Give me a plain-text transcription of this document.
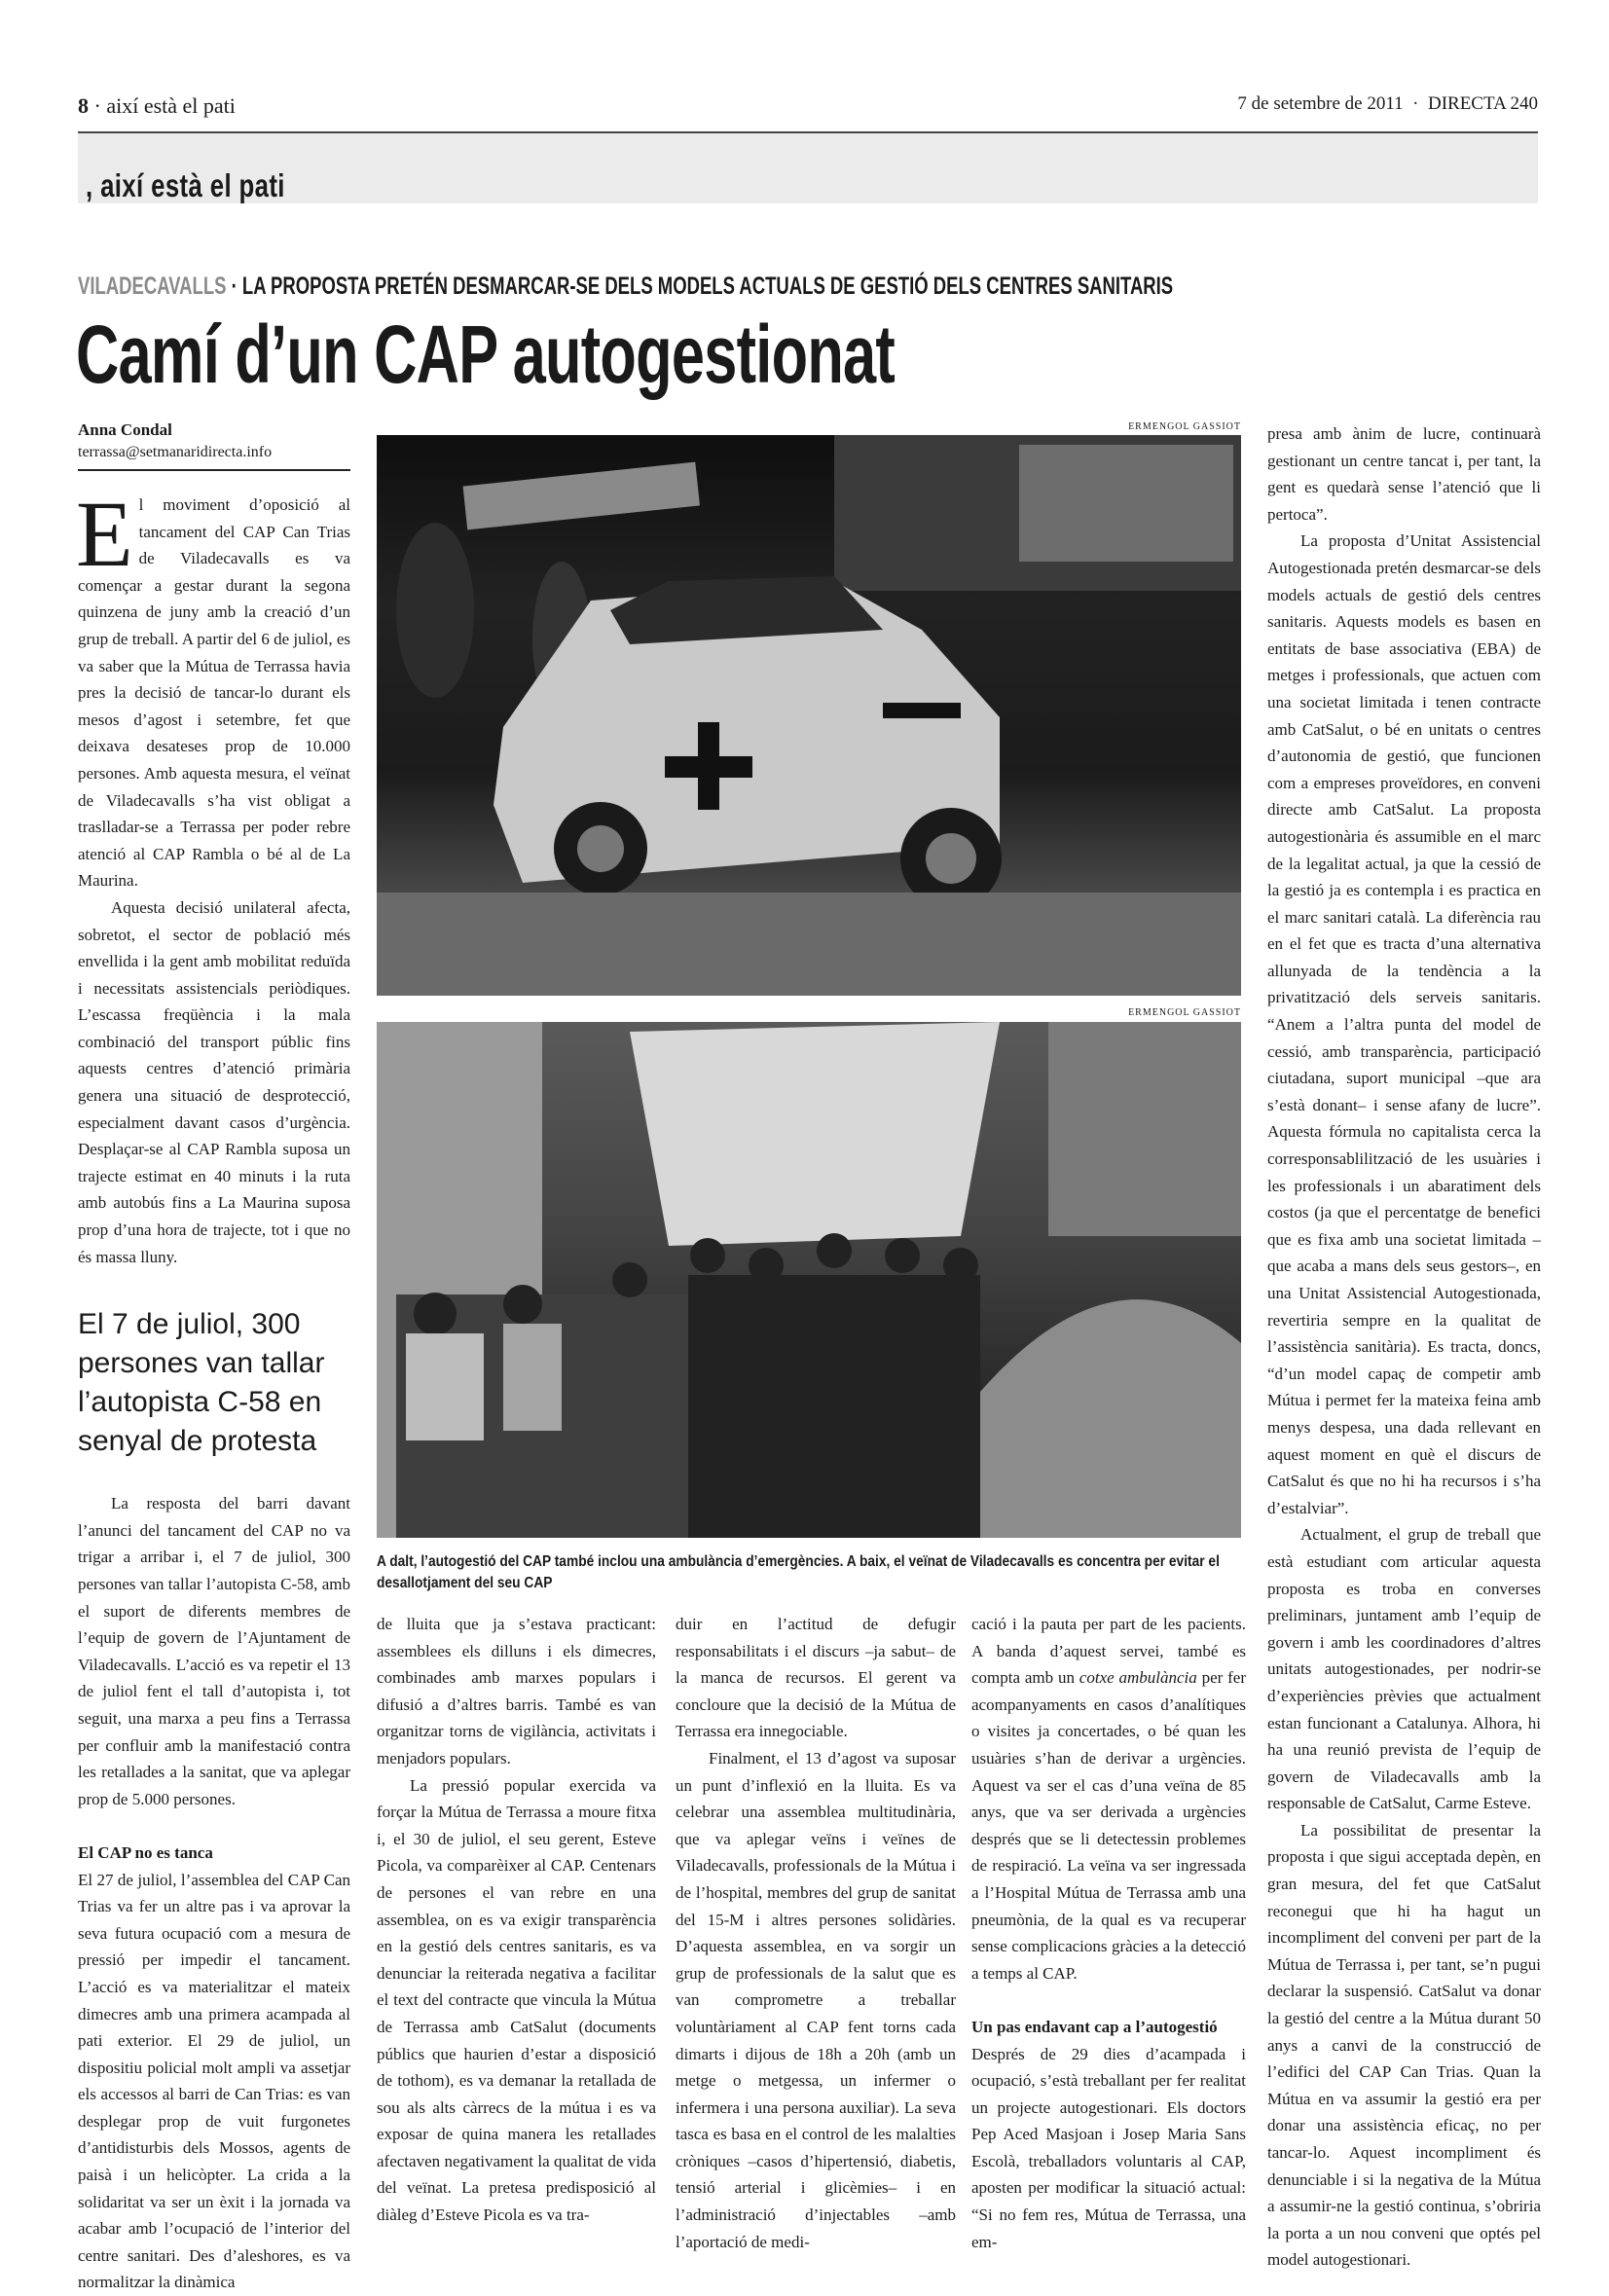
8 · així està el pati	7 de setembre de 2011  ·  DIRECTA 240
, així està el pati
VILADECAVALLS · LA PROPOSTA PRETÉN DESMARCAR-SE DELS MODELS ACTUALS DE GESTIÓ DELS CENTRES SANITARIS
Camí d’un CAP autogestionat
Anna Condal
terrassa@setmanaridirecta.info

El moviment d’oposició al tancament del CAP Can Trias de Viladecavalls es va començar a gestar durant la segona quinzena de juny amb la creació d’un grup de treball. A partir del 6 de juliol, es va saber que la Mútua de Terrassa havia pres la decisió de tancar-lo durant els mesos d’agost i setembre, fet que deixava desateses prop de 10.000 persones. Amb aquesta mesura, el veïnat de Viladecavalls s’ha vist obligat a traslladar-se a Terrassa per poder rebre atenció al CAP Rambla o bé al de La Maurina.

Aquesta decisió unilateral afecta, sobretot, el sector de població més envellida i la gent amb mobilitat reduïda i necessitats assistencials periòdiques. L’escassa freqüència i la mala combinació del transport públic fins aquests centres d’atenció primària genera una situació de desprotecció, especialment davant casos d’urgència. Desplaçar-se al CAP Rambla suposa un trajecte estimat en 40 minuts i la ruta amb autobús fins a La Maurina suposa prop d’una hora de trajecte, tot i que no és massa lluny.

El 7 de juliol, 300 persones van tallar l’autopista C-58 en senyal de protesta

La resposta del barri davant l’anunci del tancament del CAP no va trigar a arribar i, el 7 de juliol, 300 persones van tallar l’autopista C-58, amb el suport de diferents membres de l’equip de govern de l’Ajuntament de Viladecavalls. L’acció es va repetir el 13 de juliol fent el tall d’autopista i, tot seguit, una marxa a peu fins a Terrassa per confluir amb la manifestació contra les retallades a la sanitat, que va aplegar prop de 5.000 persones.

El CAP no es tanca

El 27 de juliol, l’assemblea del CAP Can Trias va fer un altre pas i va aprovar la seva futura ocupació com a mesura de pressió per impedir el tancament. L’acció es va materialitzar el mateix dimecres amb una primera acampada al pati exterior. El 29 de juliol, un dispositiu policial molt ampli va assetjar els accessos al barri de Can Trias: es van desplegar prop de vuit furgonetes d’antidisturbis dels Mossos, agents de paisà i un helicòpter. La crida a la solidaritat va ser un èxit i la jornada va acabar amb l’ocupació de l’interior del centre sanitari. Des d’aleshores, es va normalitzar la dinàmica

ERMENGOL GASSIOT
ERMENGOL GASSIOT
A dalt, l’autogestió del CAP també inclou una ambulància d’emergències. A baix, el veïnat de Viladecavalls es concentra per evitar el desallotjament del seu CAP

de lluita que ja s’estava practicant: assemblees els dilluns i els dimecres, combinades amb marxes populars i difusió a d’altres barris. També es van organitzar torns de vigilància, activitats i menjadors populars.

La pressió popular exercida va forçar la Mútua de Terrassa a moure fitxa i, el 30 de juliol, el seu gerent, Esteve Picola, va comparèixer al CAP. Centenars de persones el van rebre en una assemblea, on es va exigir transparència en la gestió dels centres sanitaris, es va denunciar la reiterada negativa a facilitar el text del contracte que vincula la Mútua de Terrassa amb CatSalut (documents públics que haurien d’estar a disposició de tothom), es va demanar la retallada de sou als alts càrrecs de la mútua i es va exposar de quina manera les retallades afectaven negativament la qualitat de vida del veïnat. La pretesa predisposició al diàleg d’Esteve Picola es va tra-

duir en l’actitud de defugir responsabilitats i el discurs –ja sabut– de la manca de recursos. El gerent va concloure que la decisió de la Mútua de Terrassa era innegociable.

Finalment, el 13 d’agost va suposar un punt d’inflexió en la lluita. Es va celebrar una assemblea multitudinària, que va aplegar veïns i veïnes de Viladecavalls, professionals de la Mútua i de l’hospital, membres del grup de sanitat del 15-M i altres persones solidàries. D’aquesta assemblea, en va sorgir un grup de professionals de la salut que es van comprometre a treballar voluntàriament al CAP fent torns cada dimarts i dijous de 18h a 20h (amb un metge o metgessa, un infermer o infermera i una persona auxiliar). La seva tasca es basa en el control de les malalties cròniques –casos d’hipertensió, diabetis, tensió arterial i glicèmies– i en l’administració d’injectables –amb l’aportació de medi-

cació i la pauta per part de les pacients. A banda d’aquest servei, també es compta amb un cotxe ambulància per fer acompanyaments en casos d’analítiques o visites ja concertades, o bé quan les usuàries s’han de derivar a urgències. Aquest va ser el cas d’una veïna de 85 anys, que va ser derivada a urgències després que se li detectessin problemes de respiració. La veïna va ser ingressada a l’Hospital Mútua de Terrassa amb una pneumònia, de la qual es va recuperar sense complicacions gràcies a la detecció a temps al CAP.

Un pas endavant cap a l’autogestió

Després de 29 dies d’acampada i ocupació, s’està treballant per fer realitat un projecte autogestionari. Els doctors Pep Aced Masjoan i Josep Maria Sans Escolà, treballadors voluntaris al CAP, aposten per modificar la situació actual: “Si no fem res, Mútua de Terrassa, una em-

presa amb ànim de lucre, continuarà gestionant un centre tancat i, per tant, la gent es quedarà sense l’atenció que li pertoca”.

La proposta d’Unitat Assistencial Autogestionada pretén desmarcar-se dels models actuals de gestió dels centres sanitaris. Aquests models es basen en entitats de base associativa (EBA) de metges i professionals, que actuen com una societat limitada i tenen contracte amb CatSalut, o bé en unitats o centres d’autonomia de gestió, que funcionen com a empreses proveïdores, en conveni directe amb CatSalut. La proposta autogestionària és assumible en el marc de la legalitat actual, ja que la cessió de la gestió ja es contempla i es practica en el marc sanitari català. La diferència rau en el fet que es tracta d’una alternativa allunyada de la tendència a la privatització dels serveis sanitaris. “Anem a l’altra punta del model de cessió, amb transparència, participació ciutadana, suport municipal –que ara s’està donant– i sense afany de lucre”. Aquesta fórmula no capitalista cerca la corresponsablilització de les usuàries i les professionals i un abaratiment dels costos (ja que el percentatge de benefici que es fixa amb una societat limitada –que acaba a mans dels seus gestors–, en una Unitat Assistencial Autogestionada, revertiria sempre en la qualitat de l’assistència sanitària). Es tracta, doncs, “d’un model capaç de competir amb Mútua i permet fer la mateixa feina amb menys despesa, una dada rellevant en aquest moment en què el discurs de CatSalut és que no hi ha recursos i s’ha d’estalviar”.

Actualment, el grup de treball que està estudiant com articular aquesta proposta es troba en converses preliminars, juntament amb l’equip de govern i amb les coordinadores d’altres unitats autogestionades, per nodrir-se d’experiències prèvies que actualment estan funcionant a Catalunya. Alhora, hi ha una reunió prevista de l’equip de govern de Viladecavalls amb la responsable de CatSalut, Carme Esteve.

La possibilitat de presentar la proposta i que sigui acceptada depèn, en gran mesura, del fet que CatSalut reconegui que hi ha hagut un incompliment del conveni per part de la Mútua de Terrassa i, per tant, se’n pugui declarar la suspensió. CatSalut va donar la gestió del centre a la Mútua durant 50 anys a canvi de la construcció de l’edifici del CAP Can Trias. Quan la Mútua en va assumir la gestió era per donar una assistència eficaç, no per tancar-lo. Aquest incompliment és denunciable i si la negativa de la Mútua a assumir-ne la gestió continua, s’obriria la porta a un nou conveni que optés pel model autogestionari.
